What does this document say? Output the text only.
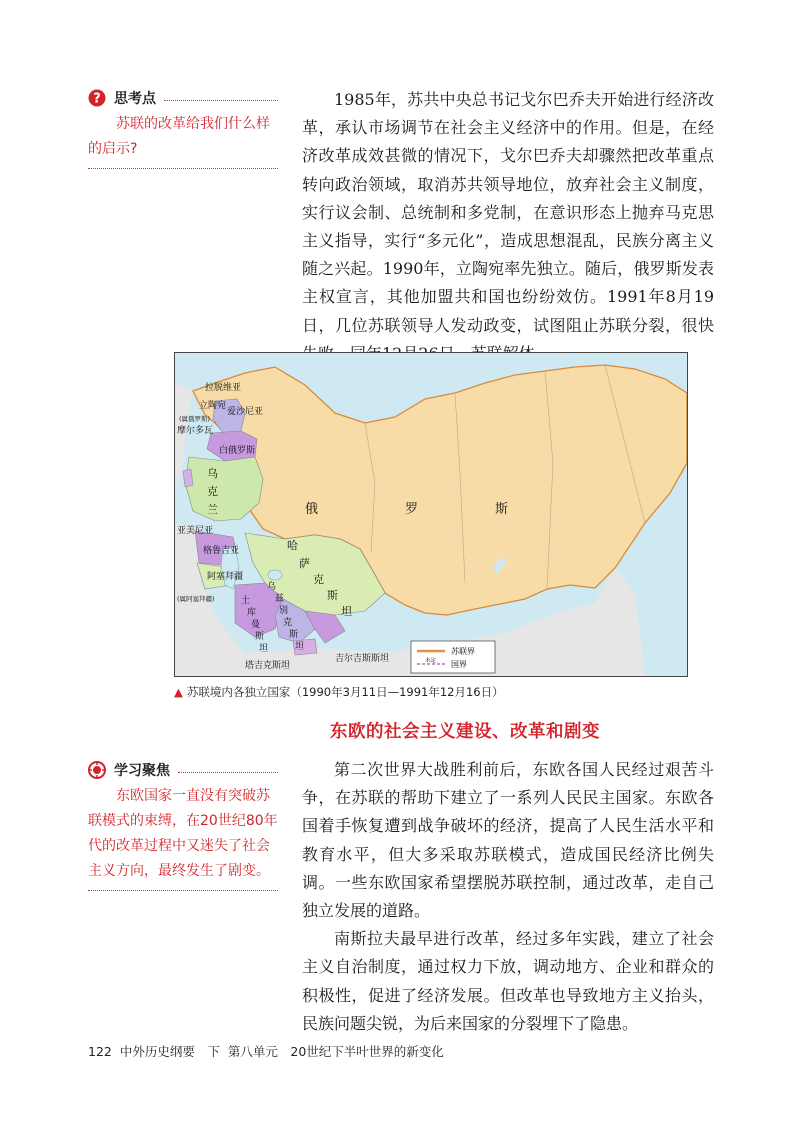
? 思考点
苏联的改革给我们什么样的启示?

1985年，苏共中央总书记戈尔巴乔夫开始进行经济改革，承认市场调节在社会主义经济中的作用。但是，在经济改革成效甚微的情况下，戈尔巴乔夫却骤然把改革重点转向政治领域，取消苏共领导地位，放弃社会主义制度，实行议会制、总统制和多党制，在意识形态上抛弃马克思主义指导，实行“多元化”，造成思想混乱，民族分离主义随之兴起。1990年，立陶宛率先独立。随后，俄罗斯发表主权宣言，其他加盟共和国也纷纷效仿。1991年8月19日，几位苏联领导人发动政变，试图阻止苏联分裂，很快

拉脱维亚
立陶宛
(属俄罗斯)
爱沙尼亚
摩尔多瓦
白俄罗斯
乌
克
兰	俄	罗	斯
亚美尼亚
格鲁吉亚
阿塞拜疆
(属阿塞拜疆)
哈
萨
克
斯
坦
乌
兹
别
克
斯
坦
土
库
曼
斯
坦
塔吉克斯坦
吉尔吉斯斯坦
苏联界
未定 国界
▲ 苏联境内各独立国家（1990年3月11日—1991年12月16日）
东欧的社会主义建设、改革和剧变
学习聚焦
东欧国家一直没有突破苏联模式的束缚，在20世纪80年代的改革过程中又迷失了社会主义方向，最终发生了剧变。

第二次世界大战胜利前后，东欧各国人民经过艰苦斗争，在苏联的帮助下建立了一系列人民民主国家。东欧各国着手恢复遭到战争破坏的经济，提高了人民生活水平和教育水平，但大多采取苏联模式，造成国民经济比例失调。一些东欧国家希望摆脱苏联控制，通过改革，走自己独立发展的道路。

南斯拉夫最早进行改革，经过多年实践，建立了社会主义自治制度，通过权力下放，调动地方、企业和群众的积极性，促进了经济发展。但改革也导致地方主义抬头，民族问题尖锐，为后来国家的分裂埋下了隐患。

122 中外历史纲要　下 第八单元　20世纪下半叶世界的新变化
